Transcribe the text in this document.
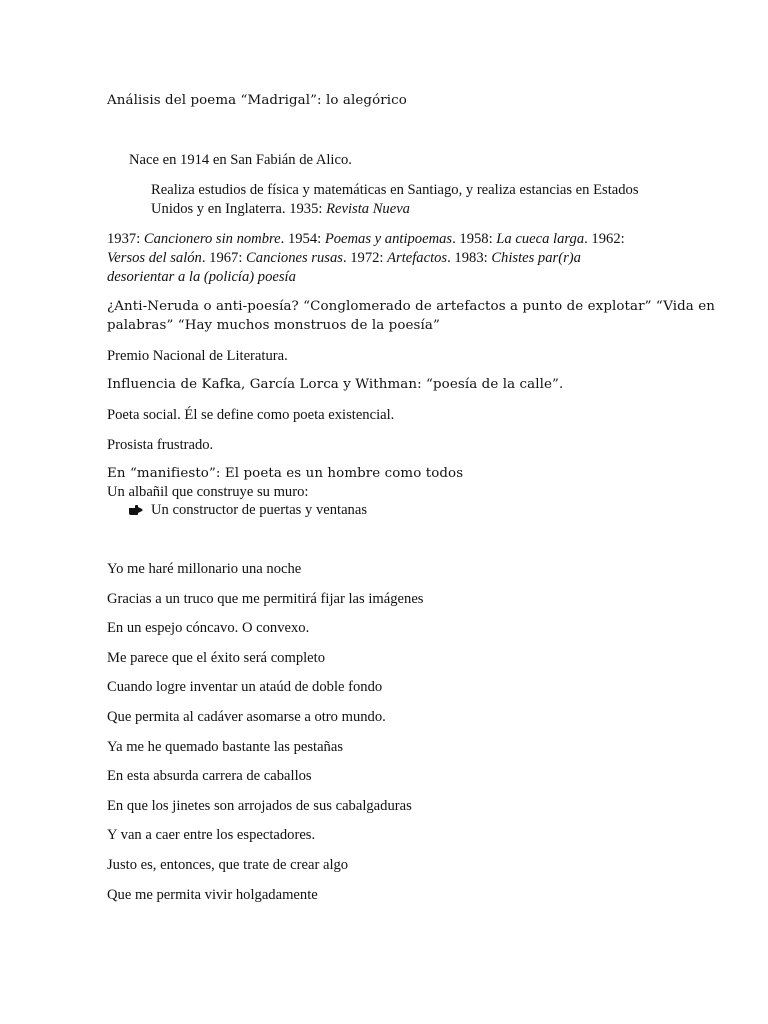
Análisis del poema “Madrigal”: lo alegórico
Nace en 1914 en San Fabián de Alico.
Realiza estudios de física y matemáticas en Santiago, y realiza estancias en Estados
Unidos y en Inglaterra. 1935: Revista Nueva
1937: Cancionero sin nombre. 1954: Poemas y antipoemas. 1958: La cueca larga. 1962:
Versos del salón. 1967: Canciones rusas. 1972: Artefactos. 1983: Chistes par(r)a
desorientar a la (policía) poesía
¿Anti-Neruda o anti-poesía? “Conglomerado de artefactos a punto de explotar” “Vida en
palabras” “Hay muchos monstruos de la poesía”
Premio Nacional de Literatura.
Influencia de Kafka, García Lorca y Withman: “poesía de la calle”.
Poeta social. Él se define como poeta existencial.
Prosista frustrado.
En “manifiesto”: El poeta es un hombre como todos
Un albañil que construye su muro:
Un constructor de puertas y ventanas
Yo me haré millonario una noche
Gracias a un truco que me permitirá fijar las imágenes
En un espejo cóncavo. O convexo.
Me parece que el éxito será completo
Cuando logre inventar un ataúd de doble fondo
Que permita al cadáver asomarse a otro mundo.
Ya me he quemado bastante las pestañas
En esta absurda carrera de caballos
En que los jinetes son arrojados de sus cabalgaduras
Y van a caer entre los espectadores.
Justo es, entonces, que trate de crear algo
Que me permita vivir holgadamente
